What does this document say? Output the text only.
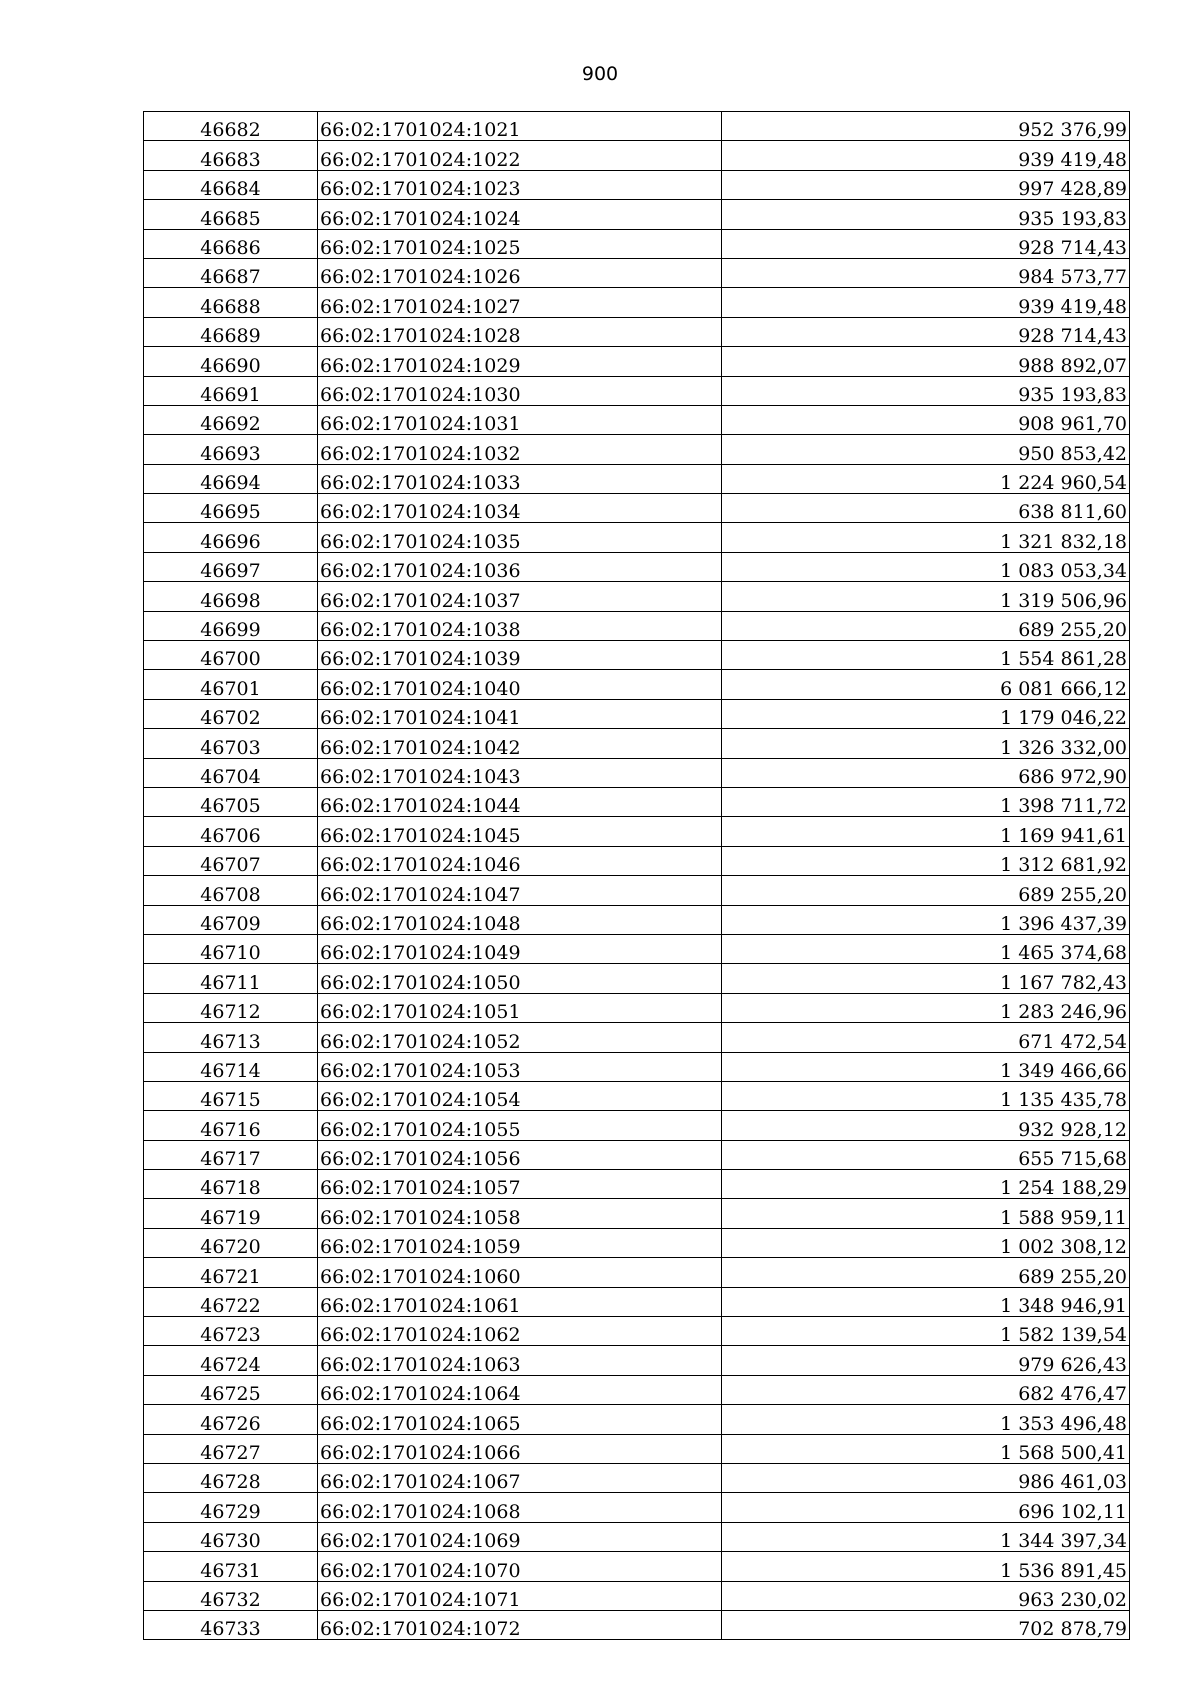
900
46682	66:02:1701024:1021	952 376,99
46683	66:02:1701024:1022	939 419,48
46684	66:02:1701024:1023	997 428,89
46685	66:02:1701024:1024	935 193,83
46686	66:02:1701024:1025	928 714,43
46687	66:02:1701024:1026	984 573,77
46688	66:02:1701024:1027	939 419,48
46689	66:02:1701024:1028	928 714,43
46690	66:02:1701024:1029	988 892,07
46691	66:02:1701024:1030	935 193,83
46692	66:02:1701024:1031	908 961,70
46693	66:02:1701024:1032	950 853,42
46694	66:02:1701024:1033	1 224 960,54
46695	66:02:1701024:1034	638 811,60
46696	66:02:1701024:1035	1 321 832,18
46697	66:02:1701024:1036	1 083 053,34
46698	66:02:1701024:1037	1 319 506,96
46699	66:02:1701024:1038	689 255,20
46700	66:02:1701024:1039	1 554 861,28
46701	66:02:1701024:1040	6 081 666,12
46702	66:02:1701024:1041	1 179 046,22
46703	66:02:1701024:1042	1 326 332,00
46704	66:02:1701024:1043	686 972,90
46705	66:02:1701024:1044	1 398 711,72
46706	66:02:1701024:1045	1 169 941,61
46707	66:02:1701024:1046	1 312 681,92
46708	66:02:1701024:1047	689 255,20
46709	66:02:1701024:1048	1 396 437,39
46710	66:02:1701024:1049	1 465 374,68
46711	66:02:1701024:1050	1 167 782,43
46712	66:02:1701024:1051	1 283 246,96
46713	66:02:1701024:1052	671 472,54
46714	66:02:1701024:1053	1 349 466,66
46715	66:02:1701024:1054	1 135 435,78
46716	66:02:1701024:1055	932 928,12
46717	66:02:1701024:1056	655 715,68
46718	66:02:1701024:1057	1 254 188,29
46719	66:02:1701024:1058	1 588 959,11
46720	66:02:1701024:1059	1 002 308,12
46721	66:02:1701024:1060	689 255,20
46722	66:02:1701024:1061	1 348 946,91
46723	66:02:1701024:1062	1 582 139,54
46724	66:02:1701024:1063	979 626,43
46725	66:02:1701024:1064	682 476,47
46726	66:02:1701024:1065	1 353 496,48
46727	66:02:1701024:1066	1 568 500,41
46728	66:02:1701024:1067	986 461,03
46729	66:02:1701024:1068	696 102,11
46730	66:02:1701024:1069	1 344 397,34
46731	66:02:1701024:1070	1 536 891,45
46732	66:02:1701024:1071	963 230,02
46733	66:02:1701024:1072	702 878,79
